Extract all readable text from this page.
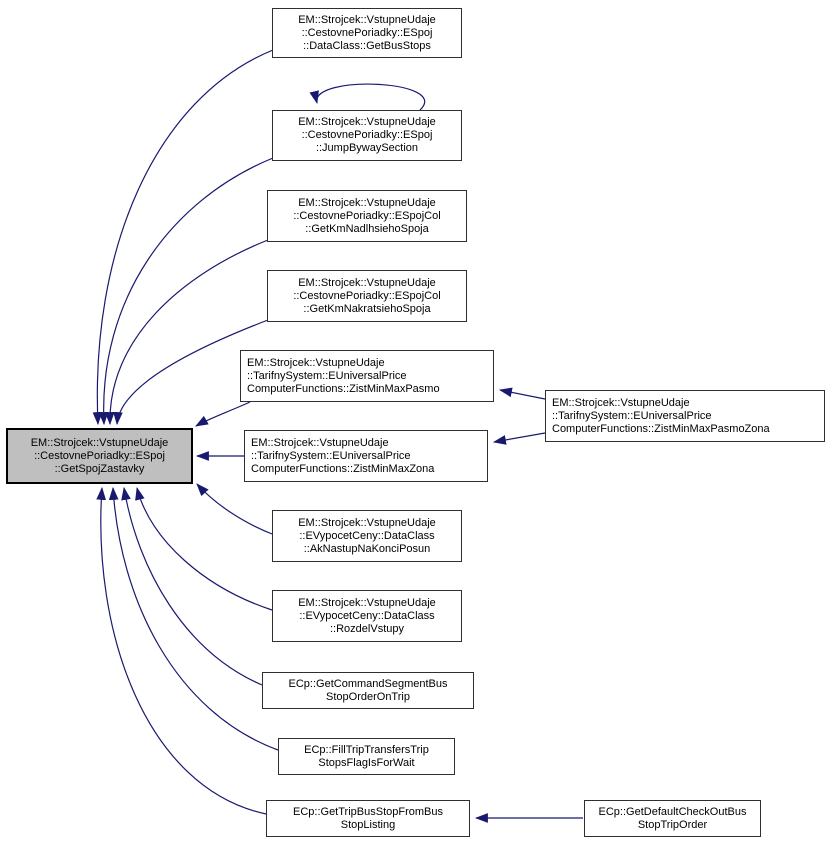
EM::Strojcek::VstupneUdaje
::CestovnePoriadky::ESpoj
::GetSpojZastavky
EM::Strojcek::VstupneUdaje
::CestovnePoriadky::ESpoj
::DataClass::GetBusStops
EM::Strojcek::VstupneUdaje
::CestovnePoriadky::ESpoj
::JumpBywaySection
EM::Strojcek::VstupneUdaje
::CestovnePoriadky::ESpojCol
::GetKmNadlhsiehoSpoja
EM::Strojcek::VstupneUdaje
::CestovnePoriadky::ESpojCol
::GetKmNakratsiehoSpoja
EM::Strojcek::VstupneUdaje
::TarifnySystem::EUniversalPrice
ComputerFunctions::ZistMinMaxPasmo
EM::Strojcek::VstupneUdaje
::TarifnySystem::EUniversalPrice
ComputerFunctions::ZistMinMaxZona
EM::Strojcek::VstupneUdaje
::EVypocetCeny::DataClass
::AkNastupNaKonciPosun
EM::Strojcek::VstupneUdaje
::EVypocetCeny::DataClass
::RozdelVstupy
ECp::GetCommandSegmentBus
StopOrderOnTrip
ECp::FillTripTransfersTrip
StopsFlagIsForWait
ECp::GetTripBusStopFromBus
StopListing
EM::Strojcek::VstupneUdaje
::TarifnySystem::EUniversalPrice
ComputerFunctions::ZistMinMaxPasmoZona
ECp::GetDefaultCheckOutBus
StopTripOrder
